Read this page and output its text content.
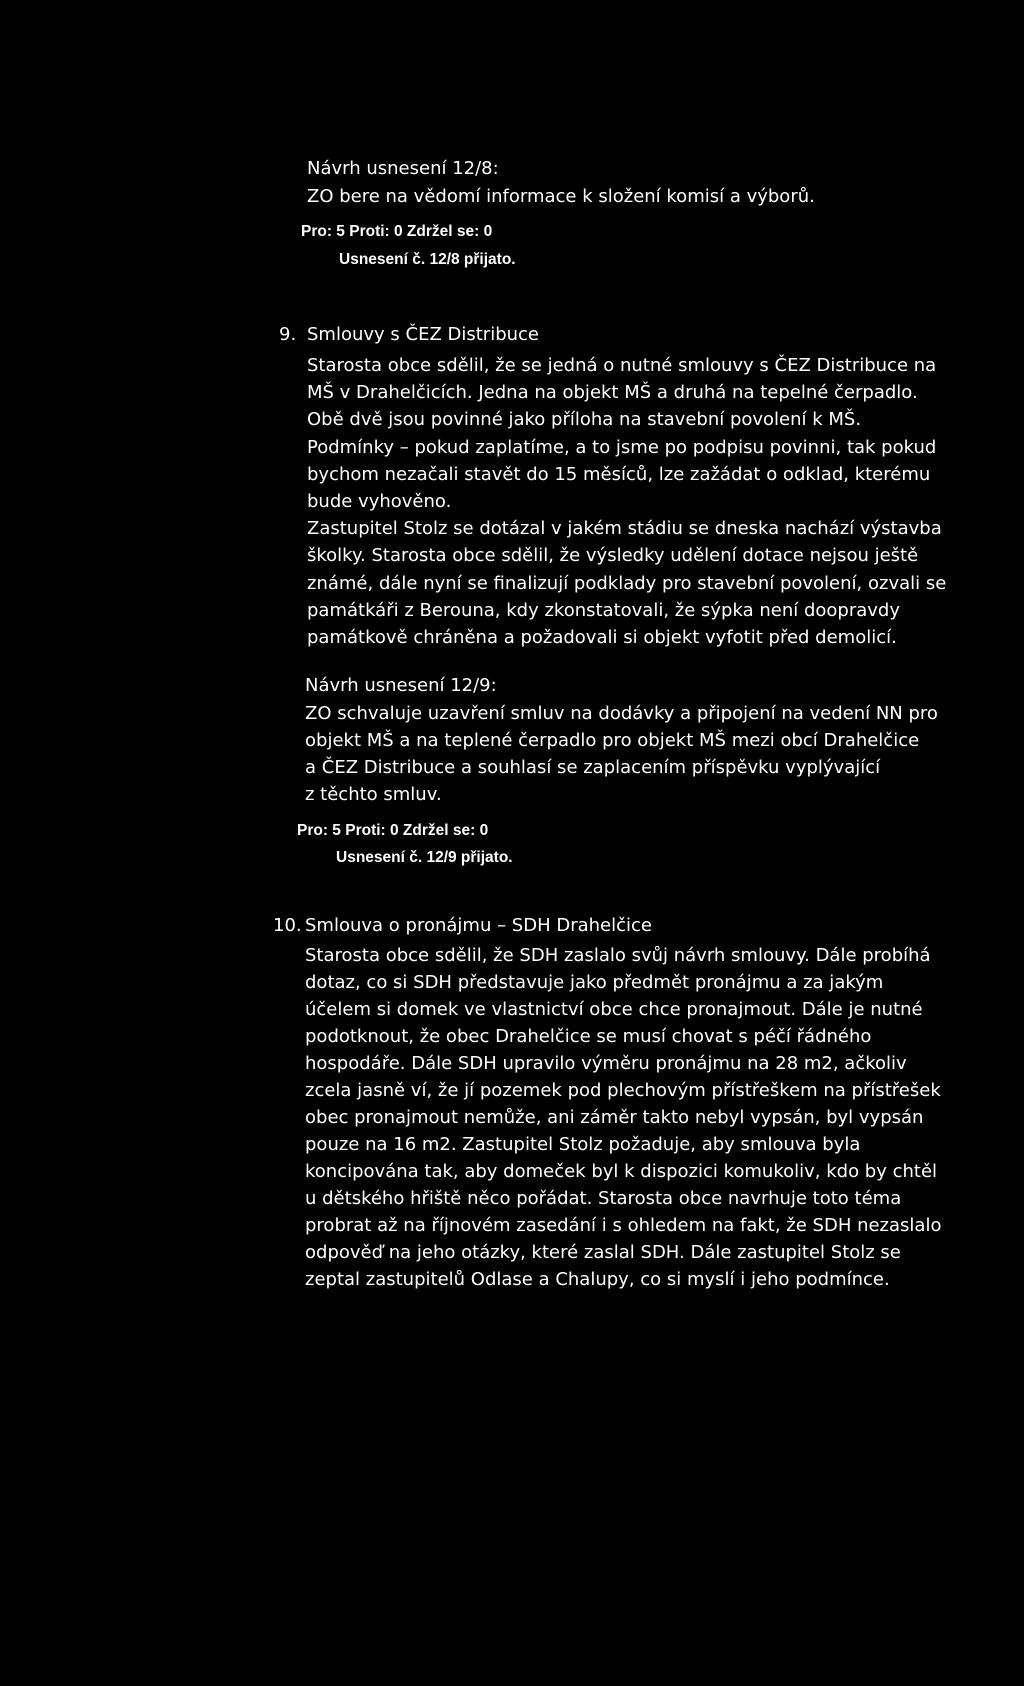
Návrh usnesení 12/8:
ZO bere na vědomí informace k složení komisí a výborů.
Pro: 5 Proti: 0 Zdržel se: 0
Usnesení č. 12/8 přijato.
9. Smlouvy s ČEZ Distribuce
Starosta obce sdělil, že se jedná o nutné smlouvy s ČEZ Distribuce na
MŠ v Drahelčicích. Jedna na objekt MŠ a druhá na tepelné čerpadlo.
Obě dvě jsou povinné jako příloha na stavební povolení k MŠ.
Podmínky – pokud zaplatíme, a to jsme po podpisu povinni, tak pokud
bychom nezačali stavět do 15 měsíců, lze zažádat o odklad, kterému
bude vyhověno.
Zastupitel Stolz se dotázal v jakém stádiu se dneska nachází výstavba
školky. Starosta obce sdělil, že výsledky udělení dotace nejsou ještě
známé, dále nyní se finalizují podklady pro stavební povolení, ozvali se
památkáři z Berouna, kdy zkonstatovali, že sýpka není doopravdy
památkově chráněna a požadovali si objekt vyfotit před demolicí.
Návrh usnesení 12/9:
ZO schvaluje uzavření smluv na dodávky a připojení na vedení NN pro
objekt MŠ a na teplené čerpadlo pro objekt MŠ mezi obcí Drahelčice
a ČEZ Distribuce a souhlasí se zaplacením příspěvku vyplývající
z těchto smluv.
Pro: 5 Proti: 0 Zdržel se: 0
Usnesení č. 12/9 přijato.
10. Smlouva o pronájmu – SDH Drahelčice
Starosta obce sdělil, že SDH zaslalo svůj návrh smlouvy. Dále probíhá
dotaz, co si SDH představuje jako předmět pronájmu a za jakým
účelem si domek ve vlastnictví obce chce pronajmout. Dále je nutné
podotknout, že obec Drahelčice se musí chovat s péčí řádného
hospodáře. Dále SDH upravilo výměru pronájmu na 28 m2, ačkoliv
zcela jasně ví, že jí pozemek pod plechovým přístřeškem na přístřešek
obec pronajmout nemůže, ani záměr takto nebyl vypsán, byl vypsán
pouze na 16 m2. Zastupitel Stolz požaduje, aby smlouva byla
koncipována tak, aby domeček byl k dispozici komukoliv, kdo by chtěl
u dětského hřiště něco pořádat. Starosta obce navrhuje toto téma
probrat až na říjnovém zasedání i s ohledem na fakt, že SDH nezaslalo
odpověď na jeho otázky, které zaslal SDH. Dále zastupitel Stolz se
zeptal zastupitelů Odlase a Chalupy, co si myslí i jeho podmínce.
